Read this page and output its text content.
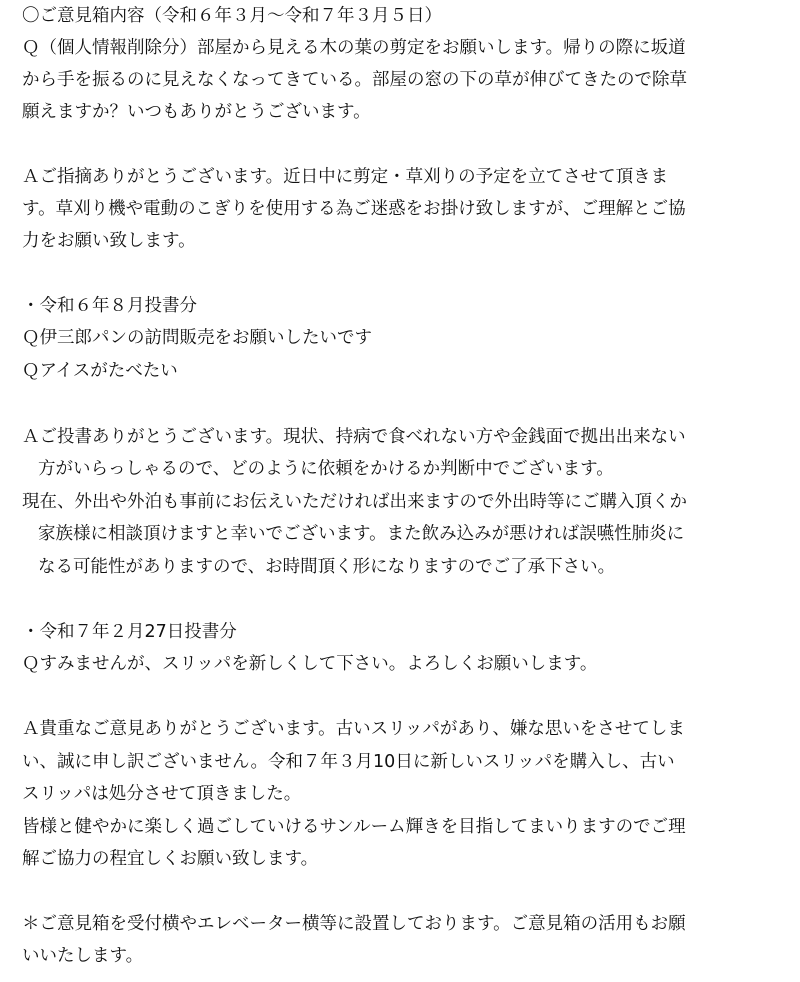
〇ご意見箱内容（令和６年３月～令和７年３月５日）
Ｑ（個人情報削除分）部屋から見える木の葉の剪定をお願いします。帰りの際に坂道
から手を振るのに見えなくなってきている。部屋の窓の下の草が伸びてきたので除草
願えますか？いつもありがとうございます。
Ａご指摘ありがとうございます。近日中に剪定・草刈りの予定を立てさせて頂きま
す。草刈り機や電動のこぎりを使用する為ご迷惑をお掛け致しますが、ご理解とご協
力をお願い致します。
・令和６年８月投書分
Ｑ伊三郎パンの訪問販売をお願いしたいです
Ｑアイスがたべたい
Ａご投書ありがとうございます。現状、持病で食べれない方や金銭面で拠出出来ない
方がいらっしゃるので、どのように依頼をかけるか判断中でございます。
現在、外出や外泊も事前にお伝えいただければ出来ますので外出時等にご購入頂くか
家族様に相談頂けますと幸いでございます。また飲み込みが悪ければ誤嚥性肺炎に
なる可能性がありますので、お時間頂く形になりますのでご了承下さい。
・令和７年２月27日投書分
Ｑすみませんが、スリッパを新しくして下さい。よろしくお願いします。
Ａ貴重なご意見ありがとうございます。古いスリッパがあり、嫌な思いをさせてしま
い、誠に申し訳ございません。令和７年３月10日に新しいスリッパを購入し、古い
スリッパは処分させて頂きました。
皆様と健やかに楽しく過ごしていけるサンルーム輝きを目指してまいりますのでご理
解ご協力の程宜しくお願い致します。
＊ご意見箱を受付横やエレベーター横等に設置しております。ご意見箱の活用もお願
いいたします。
